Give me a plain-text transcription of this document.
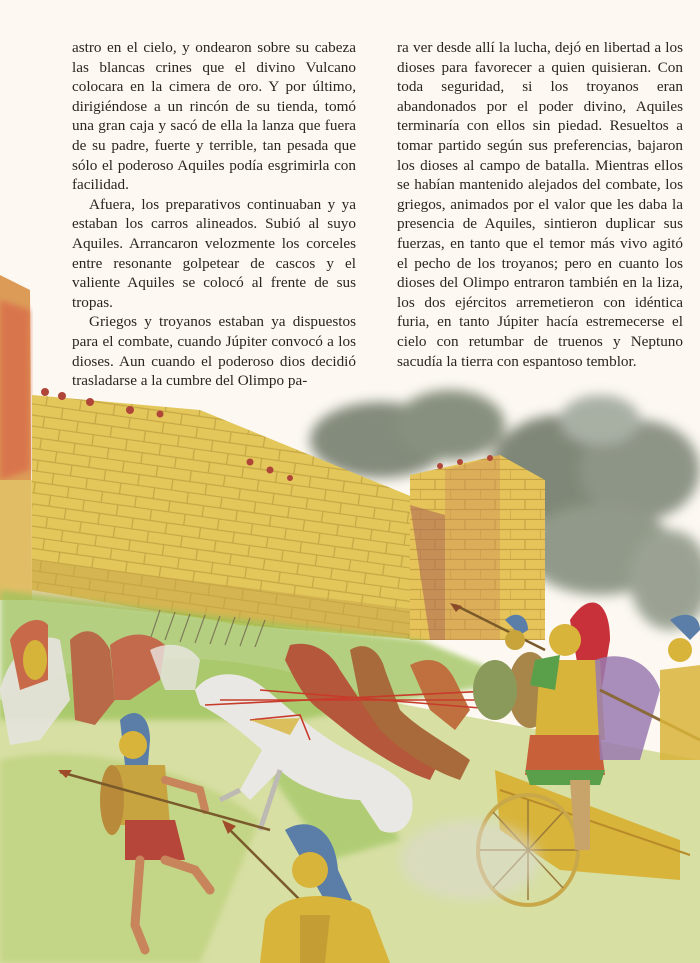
astro en el cielo, y ondearon sobre su cabeza las blancas crines que el divino Vulcano colocara en la cimera de oro. Y por último, dirigiéndose a un rincón de su tienda, tomó una gran caja y sacó de ella la lanza que fuera de su padre, fuerte y terrible, tan pesada que sólo el poderoso Aquiles podía esgrimirla con facilidad.

Afuera, los preparativos continuaban y ya estaban los carros alineados. Subió al suyo Aquiles. Arrancaron velozmente los corceles entre resonante golpetear de cascos y el valiente Aquiles se colocó al frente de sus tropas.

Griegos y troyanos estaban ya dispuestos para el combate, cuando Júpiter convocó a los dioses. Aun cuando el poderoso dios decidió trasladarse a la cumbre del Olimpo pa-

ra ver desde allí la lucha, dejó en libertad a los dioses para favorecer a quien quisieran. Con toda seguridad, si los troyanos eran abandonados por el poder divino, Aquiles terminaría con ellos sin piedad. Resueltos a tomar partido según sus preferencias, bajaron los dioses al campo de batalla. Mientras ellos se habían mantenido alejados del combate, los griegos, animados por el valor que les daba la presencia de Aquiles, sintieron duplicar sus fuerzas, en tanto que el temor más vivo agitó el pecho de los troyanos; pero en cuanto los dioses del Olimpo entraron también en la liza, los dos ejércitos arremetieron con idéntica furia, en tanto Júpiter hacía estremecerse el cielo con retumbar de truenos y Neptuno sacudía la tierra con espantoso temblor.
